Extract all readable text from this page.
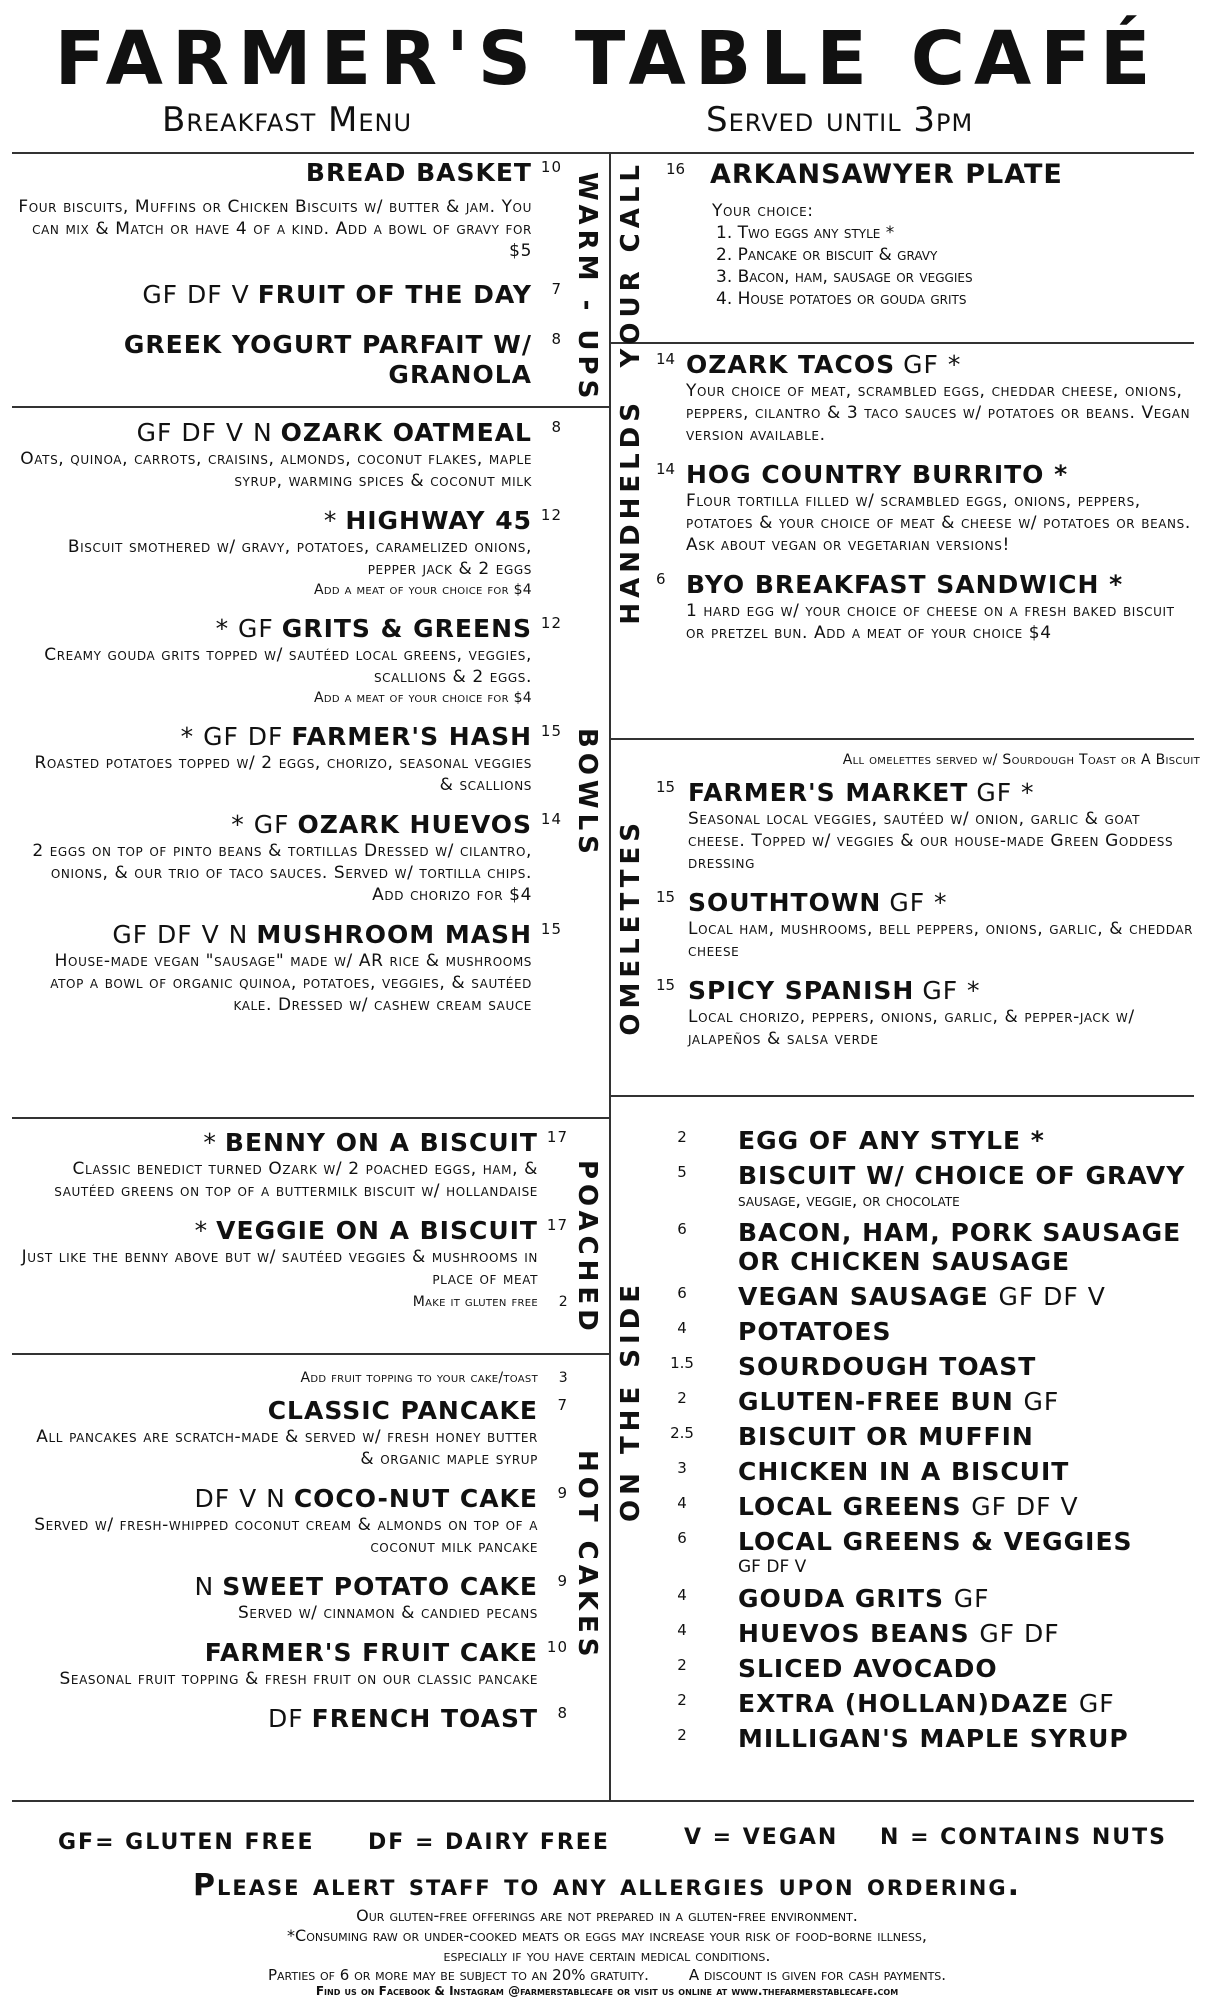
FARMER'S TABLE CAFÉ
Breakfast Menu	Served until 3pm
WARM - UPS
BOWLS
POACHED
HOT CAKES
YOUR CALL
HANDHELDS
OMELETTES
ON THE SIDE
BREAD BASKET 10
Four biscuits, Muffins or Chicken Biscuits w/ butter & jam. You can mix & Match or have 4 of a kind. Add a bowl of gravy for $5
GF DF V FRUIT OF THE DAY 7
GREEK YOGURT PARFAIT W/ GRANOLA
8
GF DF V N OZARK OATMEAL 8
Oats, quinoa, carrots, craisins, almonds, coconut flakes, maple syrup, warming spices & coconut milk
* HIGHWAY 45 12
Biscuit smothered w/ gravy, potatoes, caramelized onions, pepper jack & 2 eggs
Add a meat of your choice for $4
* GF GRITS & GREENS 12
Creamy gouda grits topped w/ sautéed local greens, veggies, scallions & 2 eggs.
Add a meat of your choice for $4
* GF DF FARMER'S HASH 15
Roasted potatoes topped w/ 2 eggs, chorizo, seasonal veggies & scallions
* GF OZARK HUEVOS 14
2 eggs on top of pinto beans & tortillas Dressed w/ cilantro, onions, & our trio of taco sauces. Served w/ tortilla chips. Add chorizo for $4
GF DF V N MUSHROOM MASH 15
House-made vegan "sausage" made w/ AR rice & mushrooms atop a bowl of organic quinoa, potatoes, veggies, & sautéed kale. Dressed w/ cashew cream sauce
* BENNY ON A BISCUIT 17
Classic benedict turned Ozark w/ 2 poached eggs, ham, & sautéed greens on top of a buttermilk biscuit w/ hollandaise
* VEGGIE ON A BISCUIT 17
Just like the benny above but w/ sautéed veggies & mushrooms in place of meat
Make it gluten free 2
Add fruit topping to your cake/toast 3
CLASSIC PANCAKE 7
All pancakes are scratch-made & served w/ fresh honey butter & organic maple syrup
DF V N COCO-NUT CAKE 9
Served w/ fresh-whipped coconut cream & almonds on top of a coconut milk pancake
N SWEET POTATO CAKE 9
Served w/ cinnamon & candied pecans
FARMER'S FRUIT CAKE 10
Seasonal fruit topping & fresh fruit on our classic pancake
DF FRENCH TOAST 8
16 ARKANSAWYER PLATE
Your choice:
1. Two eggs any style *
2. Pancake or biscuit & gravy
3. Bacon, ham, sausage or veggies
4. House potatoes or gouda grits
14 OZARK TACOS GF *
Your choice of meat, scrambled eggs, cheddar cheese, onions, peppers, cilantro & 3 taco sauces w/ potatoes or beans. Vegan version available.
14 HOG COUNTRY BURRITO *
Flour tortilla filled w/ scrambled eggs, onions, peppers, potatoes & your choice of meat & cheese w/ potatoes or beans. Ask about vegan or vegetarian versions!
6 BYO BREAKFAST SANDWICH *
1 hard egg w/ your choice of cheese on a fresh baked biscuit or pretzel bun. Add a meat of your choice $4
All omelettes served w/ Sourdough Toast or A Biscuit
15 FARMER'S MARKET GF *
Seasonal local veggies, sautéed w/ onion, garlic & goat cheese. Topped w/ veggies & our house-made Green Goddess dressing
15 SOUTHTOWN GF *
Local ham, mushrooms, bell peppers, onions, garlic, & cheddar cheese
15 SPICY SPANISH GF *
Local chorizo, peppers, onions, garlic, & pepper-jack w/ jalapeños & salsa verde
2	EGG OF ANY STYLE *
5	BISCUIT W/ CHOICE OF GRAVY
sausage, veggie, or chocolate
6	BACON, HAM, PORK SAUSAGE OR CHICKEN SAUSAGE
6	VEGAN SAUSAGE GF DF V
4	POTATOES
1.5 SOURDOUGH TOAST
2	GLUTEN-FREE BUN GF
2.5 BISCUIT OR MUFFIN
3	CHICKEN IN A BISCUIT
4	LOCAL GREENS GF DF V
6	LOCAL GREENS & VEGGIES
GF DF V
4	GOUDA GRITS GF
4	HUEVOS BEANS GF DF
2	SLICED AVOCADO
2	EXTRA (HOLLAN)DAZE GF
2	MILLIGAN'S MAPLE SYRUP
GF= GLUTEN FREE DF = DAIRY FREE	V = VEGAN N = CONTAINS NUTS
Please alert staff to any allergies upon ordering.
Our gluten-free offerings are not prepared in a gluten-free environment.
*Consuming raw or under-cooked meats or eggs may increase your risk of food-borne illness,
especially if you have certain medical conditions.
Parties of 6 or more may be subject to an 20% gratuity.	A discount is given for cash payments.
Find us on Facebook & Instagram @farmerstablecafe or visit us online at www.thefarmerstablecafe.com
